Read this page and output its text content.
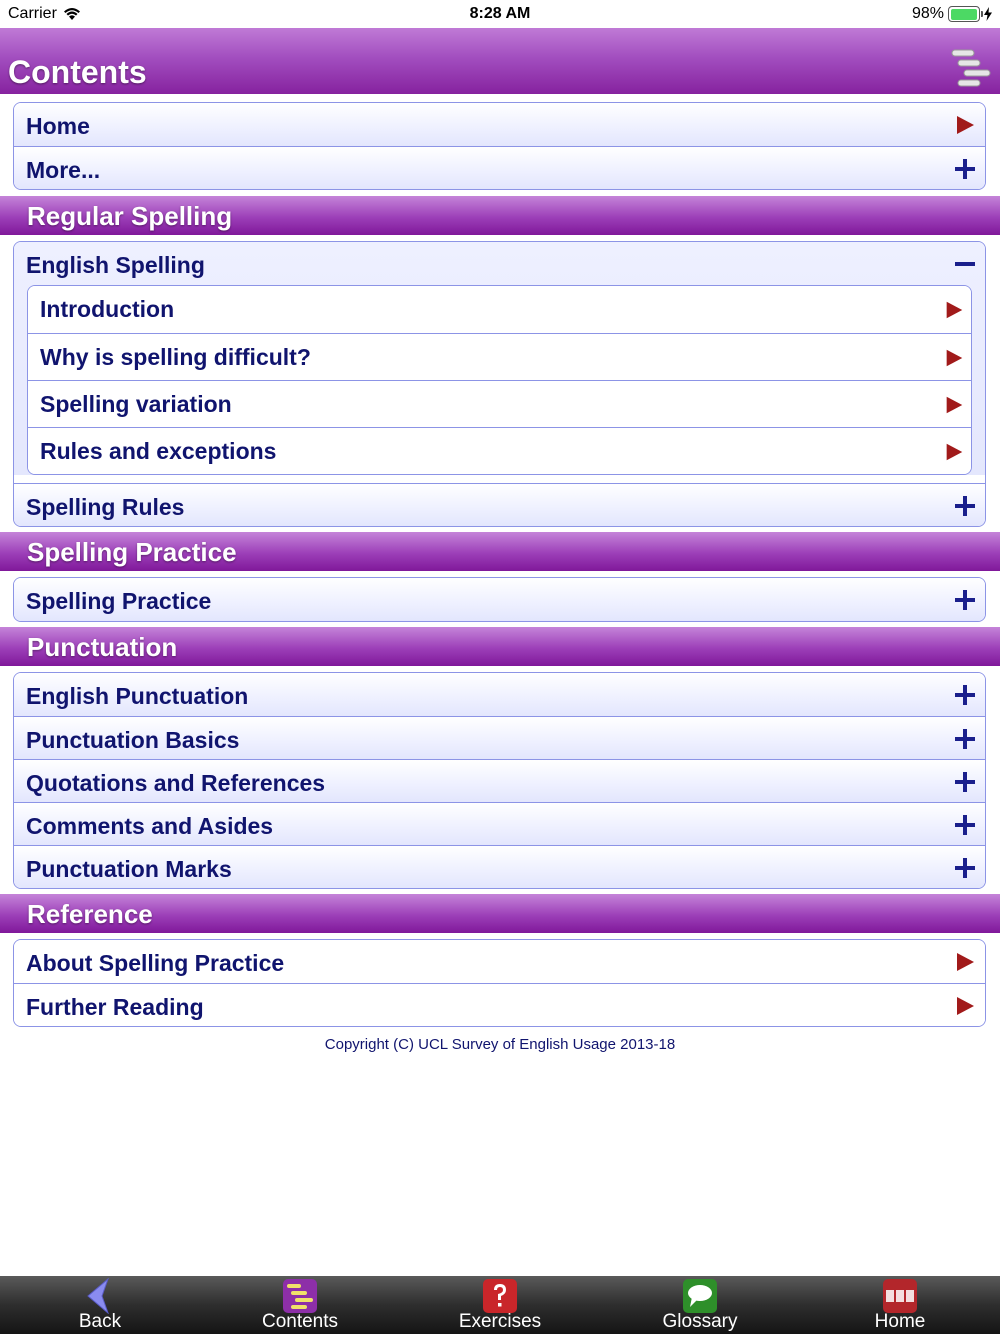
Carrier	8:28 AM	98%
Contents
Home
More...
Regular Spelling
English Spelling
Introduction
Why is spelling difficult?
Spelling variation
Rules and exceptions
Spelling Rules
Spelling Practice
Spelling Practice
Punctuation
English Punctuation
Punctuation Basics
Quotations and References
Comments and Asides
Punctuation Marks
Reference
About Spelling Practice
Further Reading
Copyright (C) UCL Survey of English Usage 2013-18
Back	Contents	Exercises	Glossary	Home
